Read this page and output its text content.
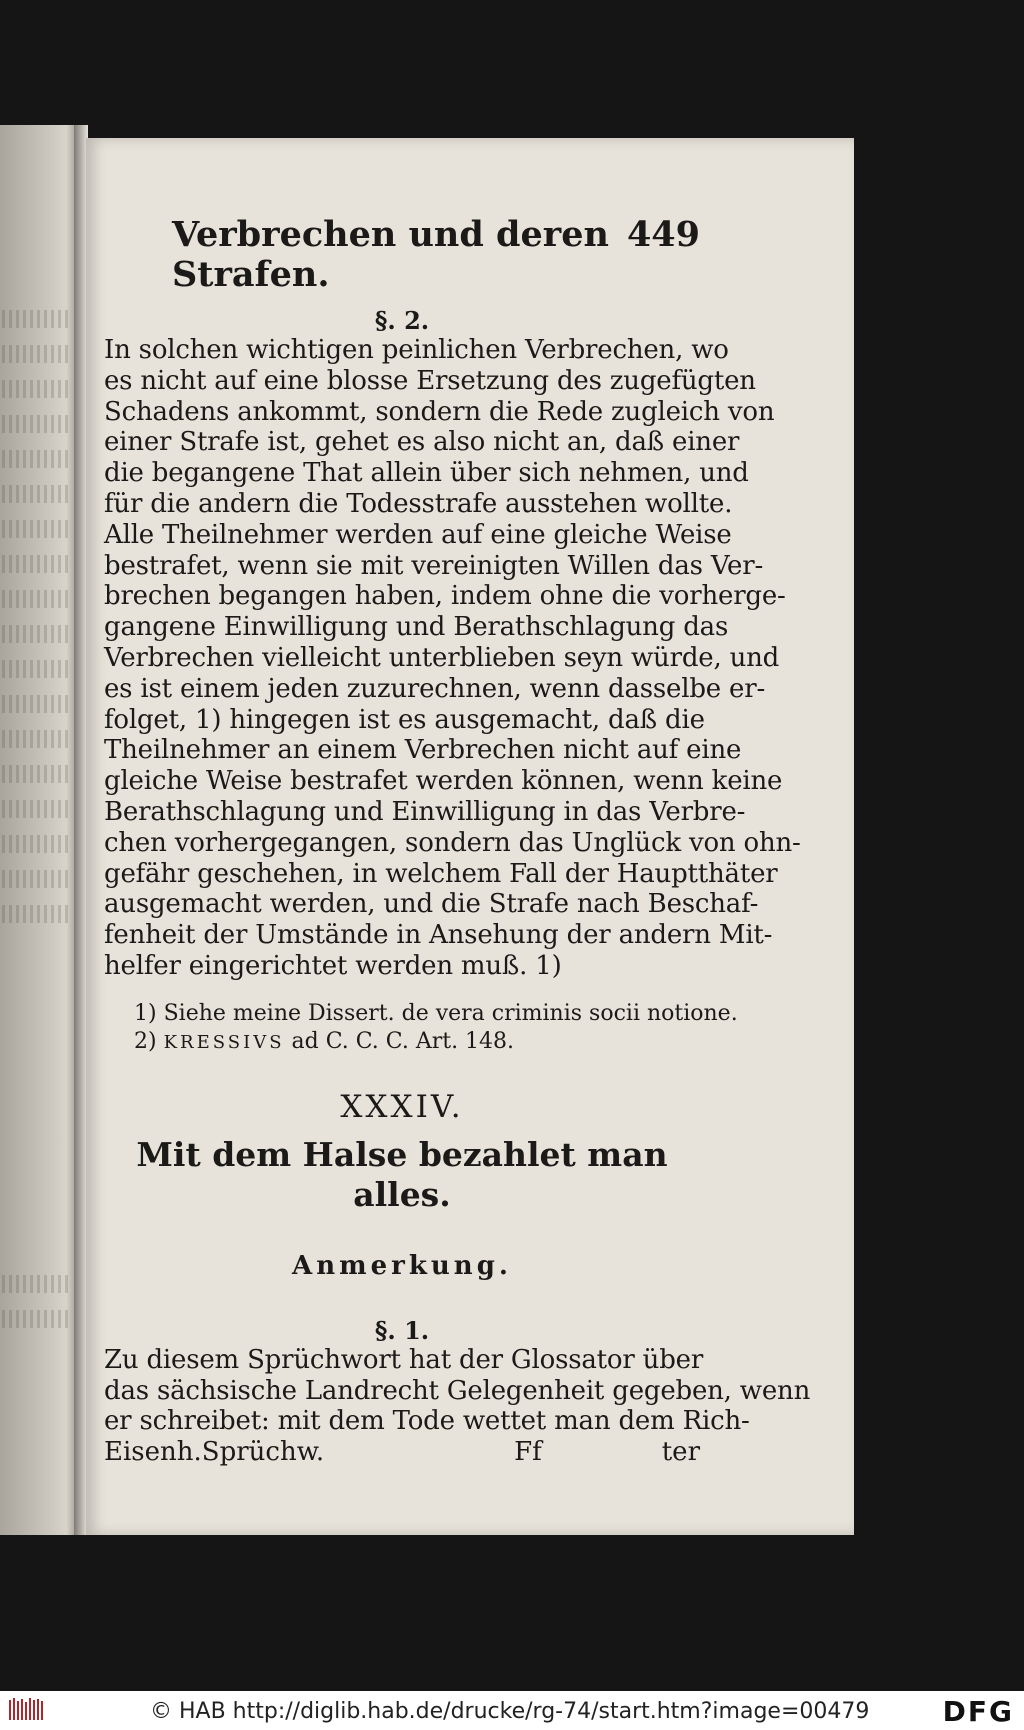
Verbrechen und deren Strafen.
449
§. 2.

In solchen wichtigen peinlichen Verbrechen, wo

es nicht auf eine blosse Ersetzung des zugefügten

Schadens ankommt, sondern die Rede zugleich von

einer Strafe ist, gehet es also nicht an, daß einer

die begangene That allein über sich nehmen, und

für die andern die Todesstrafe ausstehen wollte.

Alle Theilnehmer werden auf eine gleiche Weise

bestrafet, wenn sie mit vereinigten Willen das Ver-

brechen begangen haben, indem ohne die vorherge-

gangene Einwilligung und Berathschlagung das

Verbrechen vielleicht unterblieben seyn würde, und

es ist einem jeden zuzurechnen, wenn dasselbe er-

folget, 1) hingegen ist es ausgemacht, daß die

Theilnehmer an einem Verbrechen nicht auf eine

gleiche Weise bestrafet werden können, wenn keine

Berathschlagung und Einwilligung in das Verbre-

chen vorhergegangen, sondern das Unglück von ohn-

gefähr geschehen, in welchem Fall der Hauptthäter

ausgemacht werden, und die Strafe nach Beschaf-

fenheit der Umstände in Ansehung der andern Mit-

helfer eingerichtet werden muß. 1)

1) Siehe meine Dissert. de vera criminis socii notione.
2) KRESSIVS ad C. C. C. Art. 148.
XXXIV.
Mit dem Halse bezahlet man alles.
Anmerkung.
§. 1.

Zu diesem Sprüchwort hat der Glossator über

das sächsische Landrecht Gelegenheit gegeben, wenn

er schreibet: mit dem Tode wettet man dem Rich-

Eisenh.Sprüchw.	Ff	ter
© HAB http://diglib.hab.de/drucke/rg-74/start.htm?image=00479	DFG
